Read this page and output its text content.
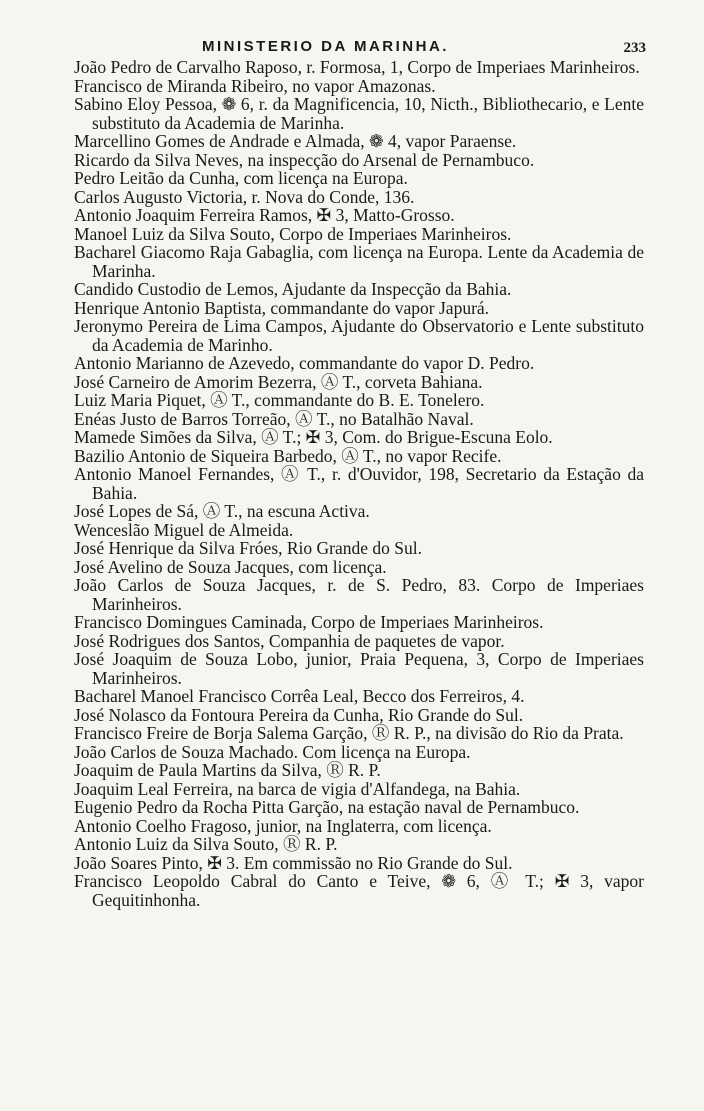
MINISTERIO DA MARINHA.	233
João Pedro de Carvalho Raposo, r. Formosa, 1, Corpo de Imperiaes Marinheiros.
Francisco de Miranda Ribeiro, no vapor Amazonas.
Sabino Eloy Pessoa, ❁ 6, r. da Magnificencia, 10, Nicth., Bibliothecario, e Lente substituto da Academia de Marinha.
Marcellino Gomes de Andrade e Almada, ❁ 4, vapor Paraense.
Ricardo da Silva Neves, na inspecção do Arsenal de Pernambuco.
Pedro Leitão da Cunha, com licença na Europa.
Carlos Augusto Victoria, r. Nova do Conde, 136.
Antonio Joaquim Ferreira Ramos, ✠ 3, Matto-Grosso.
Manoel Luiz da Silva Souto, Corpo de Imperiaes Marinheiros.
Bacharel Giacomo Raja Gabaglia, com licença na Europa. Lente da Academia de Marinha.
Candido Custodio de Lemos, Ajudante da Inspecção da Bahia.
Henrique Antonio Baptista, commandante do vapor Japurá.
Jeronymo Pereira de Lima Campos, Ajudante do Observatorio e Lente substituto da Academia de Marinho.
Antonio Marianno de Azevedo, commandante do vapor D. Pedro.
José Carneiro de Amorim Bezerra, Ⓐ T., corveta Bahiana.
Luiz Maria Piquet, Ⓐ T., commandante do B. E. Tonelero.
Enéas Justo de Barros Torreão, Ⓐ T., no Batalhão Naval.
Mamede Simões da Silva, Ⓐ T.; ✠ 3, Com. do Brigue-Escuna Eolo.
Bazilio Antonio de Siqueira Barbedo, Ⓐ T., no vapor Recife.
Antonio Manoel Fernandes, Ⓐ T., r. d'Ouvidor, 198, Secretario da Estação da Bahia.
José Lopes de Sá, Ⓐ T., na escuna Activa.
Wenceslão Miguel de Almeida.
José Henrique da Silva Fróes, Rio Grande do Sul.
José Avelino de Souza Jacques, com licença.
João Carlos de Souza Jacques, r. de S. Pedro, 83. Corpo de Imperiaes Marinheiros.
Francisco Domingues Caminada, Corpo de Imperiaes Marinheiros.
José Rodrigues dos Santos, Companhia de paquetes de vapor.
José Joaquim de Souza Lobo, junior, Praia Pequena, 3, Corpo de Imperiaes Marinheiros.
Bacharel Manoel Francisco Corrêa Leal, Becco dos Ferreiros, 4.
José Nolasco da Fontoura Pereira da Cunha, Rio Grande do Sul.
Francisco Freire de Borja Salema Garção, Ⓡ R. P., na divisão do Rio da Prata.
João Carlos de Souza Machado. Com licença na Europa.
Joaquim de Paula Martins da Silva, Ⓡ R. P.
Joaquim Leal Ferreira, na barca de vigia d'Alfandega, na Bahia.
Eugenio Pedro da Rocha Pitta Garção, na estação naval de Pernambuco.
Antonio Coelho Fragoso, junior, na Inglaterra, com licença.
Antonio Luiz da Silva Souto, Ⓡ R. P.
João Soares Pinto, ✠ 3. Em commissão no Rio Grande do Sul.
Francisco Leopoldo Cabral do Canto e Teive, ❁ 6, Ⓐ T.; ✠ 3, vapor Gequitinhonha.
